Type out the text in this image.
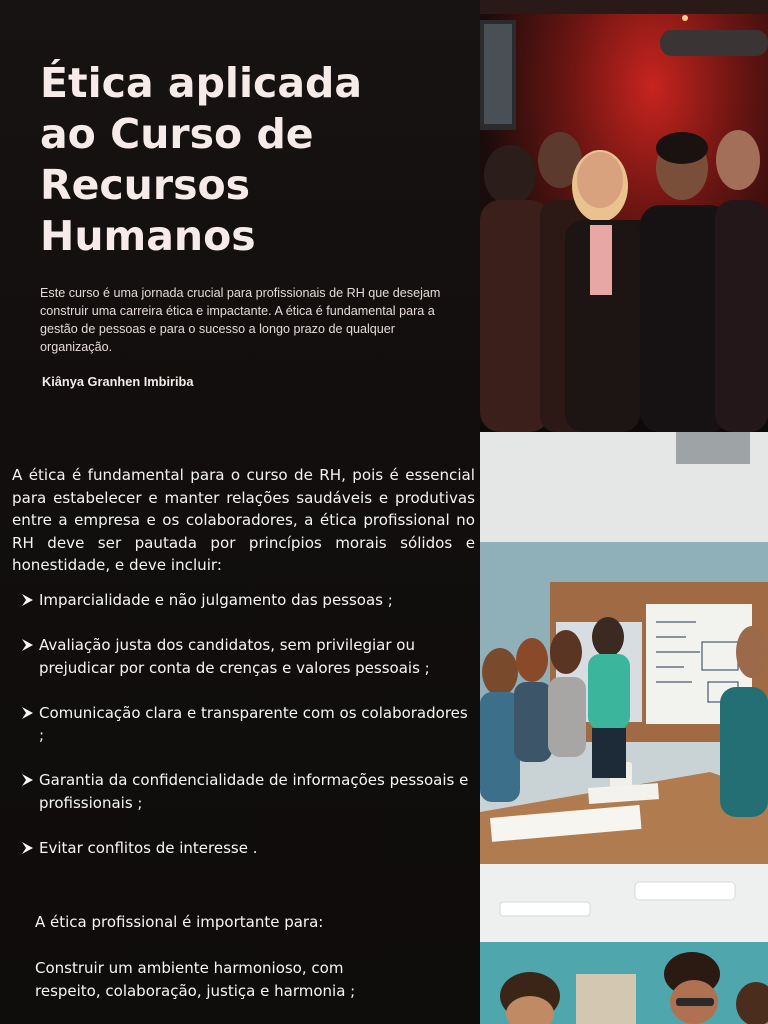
Ética aplicada
ao Curso de
Recursos
Humanos

Este curso é uma jornada crucial para profissionais de RH que desejam construir uma carreira ética e impactante. A ética é fundamental para a gestão de pessoas e para o sucesso a longo prazo de qualquer organização.

Kiânya Granhen Imbiriba

A ética é fundamental para o curso de RH, pois é essencial para estabelecer e manter relações saudáveis e produtivas entre a empresa e os colaboradores, a ética profissional no RH deve ser pautada por princípios morais sólidos e honestidade, e deve incluir:

Imparcialidade e não julgamento das pessoas ;
Avaliação justa dos candidatos, sem privilegiar ou prejudicar por conta de crenças e valores pessoais ;
Comunicação clara e transparente com os colaboradores ;
Garantia da confidencialidade de informações pessoais e profissionais ;
Evitar conflitos de interesse .

A ética profissional é importante para:

Construir um ambiente harmonioso, com respeito, colaboração, justiça e harmonia ;
